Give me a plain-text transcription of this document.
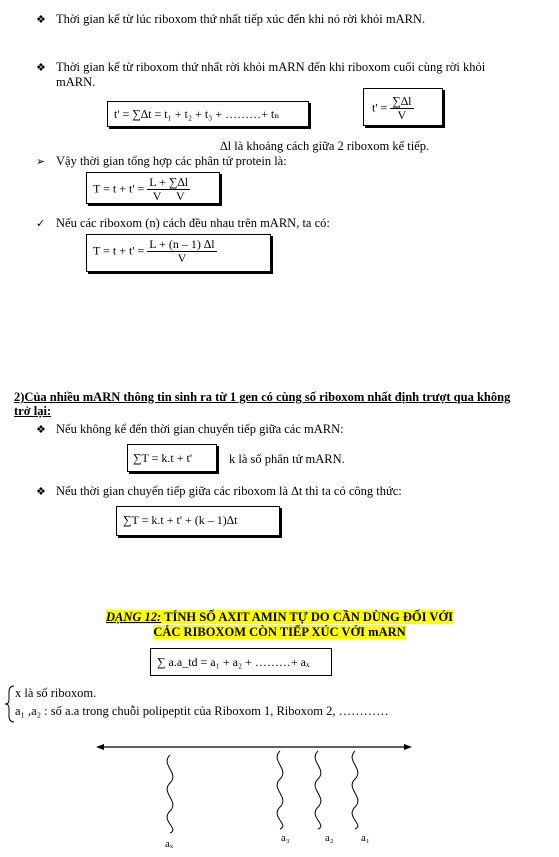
❖ Thời gian kể từ lúc riboxom thứ nhất tiếp xúc đến khi nó rời khỏi mARN.
❖ Thời gian kể từ riboxom thứ nhất rời khỏi mARN đến khi riboxom cuối cùng rời khỏi
mARN.
t' = ∑∆t = t₁ + t₂ + t₃ + ………+ tₙ	$t' = \frac{\sum\Delta l}{V}$
∆l là khoảng cách giữa 2 riboxom kế tiếp.
➢ Vậy thời gian tổng hợp các phân tử protein là:
$T = t + t' = \frac{L + \sum\Delta l}{\text{V     V}}$
✓ Nếu các riboxom (n) cách đều nhau trên mARN, ta có:
$T = t + t' = \frac{L + (n - 1) \Delta l}{V}$
2)Của nhiều mARN thông tin sinh ra từ 1 gen có cùng số riboxom nhất định trượt qua không
trở lại:
❖ Nếu không kể đến thời gian chuyển tiếp giữa các mARN:
∑T = k.t + t'	k là số phân tử mARN.
❖ Nếu thời gian chuyển tiếp giữa các riboxom là ∆t thì ta có công thức:
∑T = k.t + t' + (k – 1)∆t
DẠNG 12: TÍNH SỐ AXIT AMIN TỰ DO CẦN DÙNG ĐỐI VỚI
CÁC RIBOXOM CÒN TIẾP XÚC VỚI mARN
∑ a.a_td = a₁ + a₂ + ………+ aₓ
x là số riboxom.
a₁ ,a₂ : số a.a trong chuỗi polipeptit của Riboxom 1, Riboxom 2, …………
aₓ	a₃	a₂ a₁
